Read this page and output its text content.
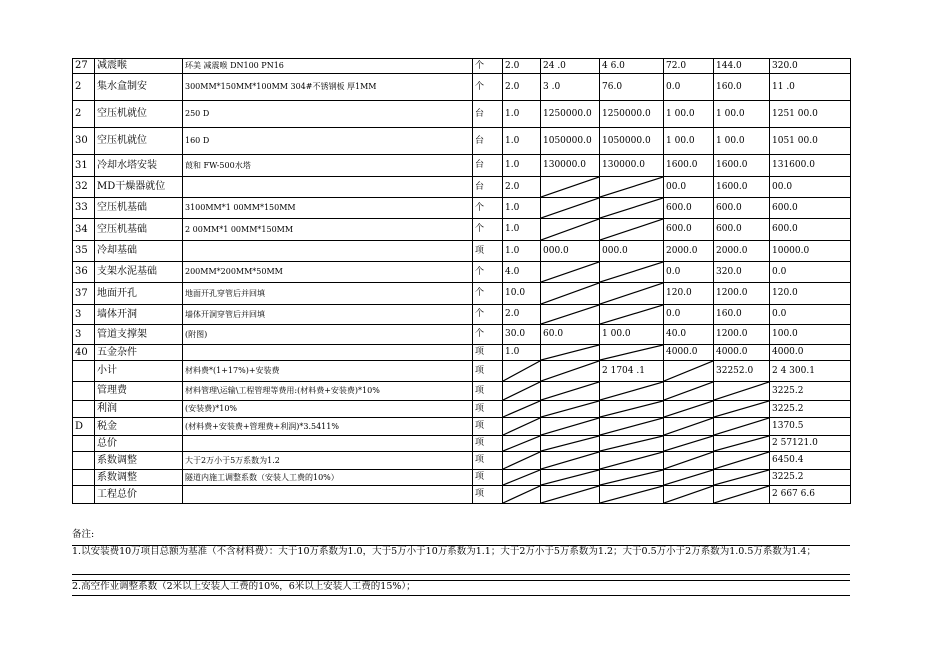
27	减震喉	环美 减震喉 DN100 PN16	个	2.0	24 .0	4 6.0	72.0	144.0	320.0
2	集水盒制安	300MM*150MM*100MM 304#不锈钢板 厚1MM	个	2.0	3 .0	76.0	0.0	160.0	11 .0
2	空压机就位	250 D	台	1.0	1250000.0	1250000.0	1 00.0	1 00.0	1251 00.0
30	空压机就位	160 D	台	1.0	1050000.0	1050000.0	1 00.0	1 00.0	1051 00.0
31	冷却水塔安装	葭和 FW-500水塔	台	1.0	130000.0	130000.0	1600.0	1600.0	131600.0
32	MD干燥器就位		台	2.0			00.0	1600.0	00.0
33	空压机基础	3100MM*1 00MM*150MM	个	1.0			600.0	600.0	600.0
34	空压机基础	2 00MM*1 00MM*150MM	个	1.0			600.0	600.0	600.0
35	冷却基础		项	1.0	000.0	000.0	2000.0	2000.0	10000.0
36	支架水泥基础	200MM*200MM*50MM	个	4.0			0.0	320.0	0.0
37	地面开孔	地面开孔穿管后并回填	个	10.0			120.0	1200.0	120.0
3	墙体开洞	墙体开洞穿管后并回填	个	2.0			0.0	160.0	0.0
3	管道支撑架	(附图)	个	30.0	60.0	1 00.0	40.0	1200.0	100.0
40	五金杂件		项	1.0			4000.0	4000.0	4000.0
	小计	材料费*(1+17%)+安装费	项			2 1704 .1		32252.0	2 4 300.1
	管理费	材料管理\运输\工程管理等费用:(材料费+安装费)*10%	项						3225.2
	利润	(安装费)*10%	项						3225.2
D	税金	(材料费+安装费+管理费+利润)*3.5411%	项						1370.5
	总价		项						2 57121.0
	系数调整	大于2万小于5万系数为1.2	项						6450.4
	系数调整	隧道内施工调整系数（安装人工费的10%）	项						3225.2
	工程总价		项						2 667 6.6
备注:
1.以安装费10万项目总额为基准（不含材料费）：大于10万系数为1.0，大于5万小于10万系数为1.1；大于2万小于5万系数为1.2；大于0.5万小于2万系数为1.0.5万系数为1.4；
2.高空作业调整系数（2米以上安装人工费的10%，6米以上安装人工费的15%）；
